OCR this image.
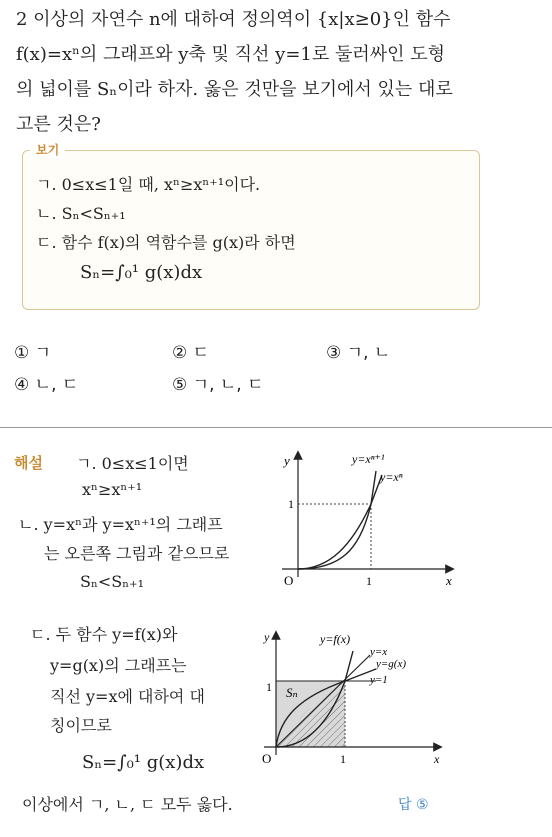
2 이상의 자연수 n에 대하여 정의역이 {x|x≥0}인 함수
f(x)=xⁿ의 그래프와 y축 및 직선 y=1로 둘러싸인 도형
의 넓이를 Sₙ이라 하자. 옳은 것만을 보기에서 있는 대로
고른 것은?
보기
ㄱ. 0≤x≤1일 때, xⁿ≥xⁿ⁺¹이다.
ㄴ. Sₙ<Sₙ₊₁
ㄷ. 함수 f(x)의 역함수를 g(x)라 하면
Sₙ=∫₀¹ g(x)dx
① ㄱ	② ㄷ	③ ㄱ, ㄴ
④ ㄴ, ㄷ	⑤ ㄱ, ㄴ, ㄷ
해설 ㄱ. 0≤x≤1이면
xⁿ≥xⁿ⁺¹
ㄴ. y=xⁿ과 y=xⁿ⁺¹의 그래프
는 오른쪽 그림과 같으므로
Sₙ<Sₙ₊₁
ㄷ. 두 함수 y=f(x)와
y=g(x)의 그래프는
직선 y=x에 대하여 대
칭이므로
Sₙ=∫₀¹ g(x)dx
이상에서 ㄱ, ㄴ, ㄷ 모두 옳다.	답 ⑤
y
x
O	1
1
y=xⁿ⁺¹
y=xⁿ
y
x
O	1
1 Sₙ
y=f(x)
y=x
y=g(x)
y=1
